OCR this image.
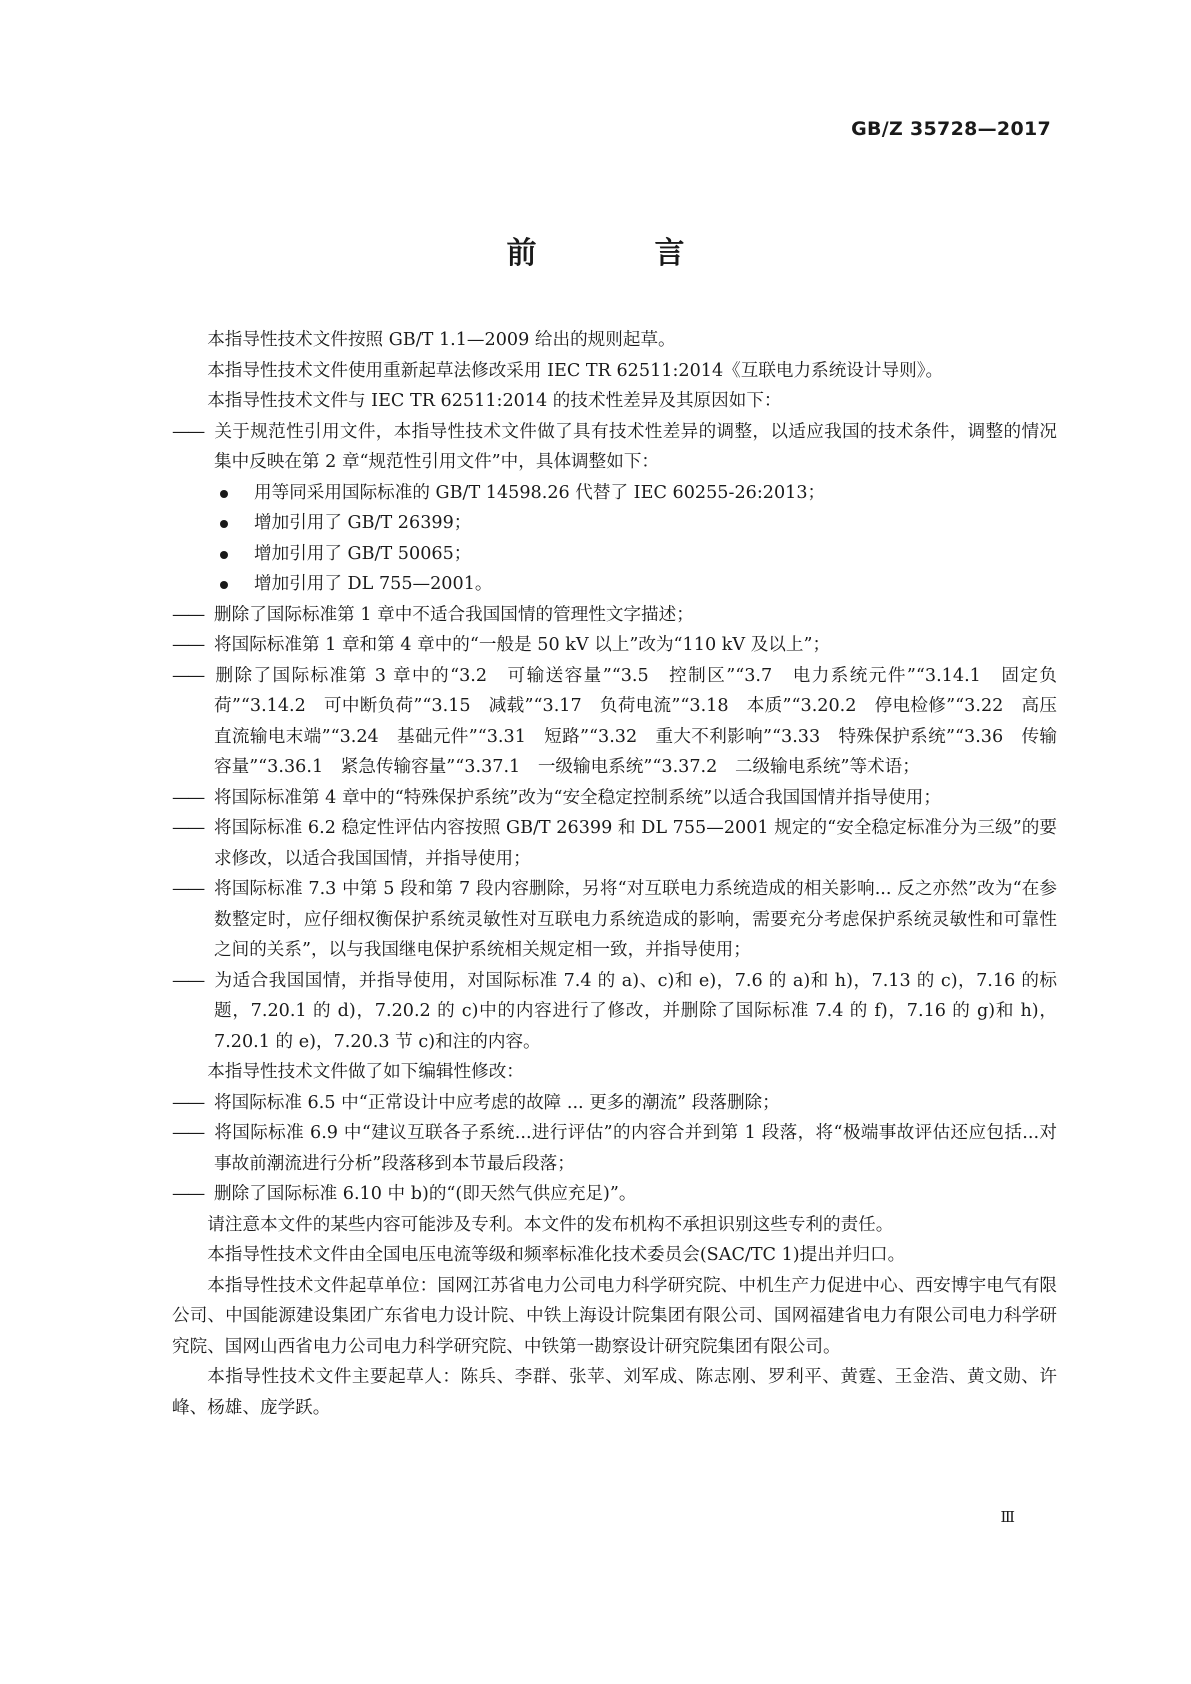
GB/Z 35728—2017
前　言

本指导性技术文件按照 GB/T 1.1—2009 给出的规则起草。

本指导性技术文件使用重新起草法修改采用 IEC TR 62511:2014《互联电力系统设计导则》。

本指导性技术文件与 IEC TR 62511:2014 的技术性差异及其原因如下：

—— 关于规范性引用文件，本指导性技术文件做了具有技术性差异的调整，以适应我国的技术条件，调整的情况集中反映在第 2 章“规范性引用文件”中，具体调整如下：

用等同采用国际标准的 GB/T 14598.26 代替了 IEC 60255-26:2013；

增加引用了 GB/T 26399；

增加引用了 GB/T 50065；

增加引用了 DL 755—2001。

—— 删除了国际标准第 1 章中不适合我国国情的管理性文字描述；

—— 将国际标准第 1 章和第 4 章中的“一般是 50 kV 以上”改为“110 kV 及以上”；

—— 删除了国际标准第 3 章中的“3.2　可输送容量”“3.5　控制区”“3.7　电力系统元件”“3.14.1　固定负荷”“3.14.2　可中断负荷”“3.15　减载”“3.17　负荷电流”“3.18　本质”“3.20.2　停电检修”“3.22　高压直流输电末端”“3.24　基础元件”“3.31　短路”“3.32　重大不利影响”“3.33　特殊保护系统”“3.36　传输容量”“3.36.1　紧急传输容量”“3.37.1　一级输电系统”“3.37.2　二级输电系统”等术语；

—— 将国际标准第 4 章中的“特殊保护系统”改为“安全稳定控制系统”以适合我国国情并指导使用；

—— 将国际标准 6.2 稳定性评估内容按照 GB/T 26399 和 DL 755—2001 规定的“安全稳定标准分为三级”的要求修改，以适合我国国情，并指导使用；

—— 将国际标准 7.3 中第 5 段和第 7 段内容删除，另将“对互联电力系统造成的相关影响... 反之亦然”改为“在参数整定时，应仔细权衡保护系统灵敏性对互联电力系统造成的影响，需要充分考虑保护系统灵敏性和可靠性之间的关系”，以与我国继电保护系统相关规定相一致，并指导使用；

—— 为适合我国国情，并指导使用，对国际标准 7.4 的 a)、c)和 e)，7.6 的 a)和 h)，7.13 的 c)，7.16 的标题，7.20.1 的 d)，7.20.2 的 c)中的内容进行了修改，并删除了国际标准 7.4 的 f)，7.16 的 g)和 h)，7.20.1 的 e)，7.20.3 节 c)和注的内容。

本指导性技术文件做了如下编辑性修改：

—— 将国际标准 6.5 中“正常设计中应考虑的故障 ... 更多的潮流” 段落删除；

—— 将国际标准 6.9 中“建议互联各子系统...进行评估”的内容合并到第 1 段落，将“极端事故评估还应包括...对事故前潮流进行分析”段落移到本节最后段落；

—— 删除了国际标准 6.10 中 b)的“(即天然气供应充足)”。

请注意本文件的某些内容可能涉及专利。本文件的发布机构不承担识别这些专利的责任。

本指导性技术文件由全国电压电流等级和频率标准化技术委员会(SAC/TC 1)提出并归口。

本指导性技术文件起草单位：国网江苏省电力公司电力科学研究院、中机生产力促进中心、西安博宇电气有限公司、中国能源建设集团广东省电力设计院、中铁上海设计院集团有限公司、国网福建省电力有限公司电力科学研究院、国网山西省电力公司电力科学研究院、中铁第一勘察设计研究院集团有限公司。

本指导性技术文件主要起草人：陈兵、李群、张苹、刘军成、陈志刚、罗利平、黄霆、王金浩、黄文勋、许峰、杨雄、庞学跃。

Ⅲ
